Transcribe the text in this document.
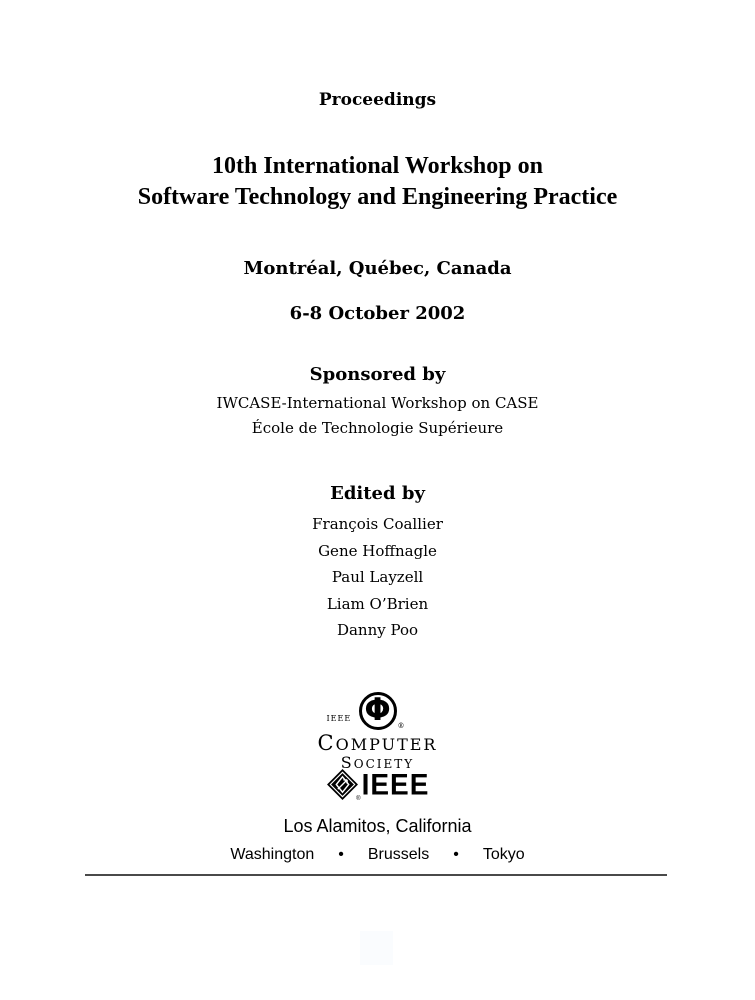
Proceedings
10th International Workshop on
Software Technology and Engineering Practice
Montréal, Québec, Canada
6-8 October 2002
Sponsored by
IWCASE-International Workshop on CASE
École de Technologie Supérieure
Edited by
François Coallier
Gene Hoffnagle
Paul Layzell
Liam O’Brien
Danny Poo
IEEE Φ ®
COMPUTER
SOCIETY
® IEEE
Los Alamitos, California
Washington • Brussels • Tokyo
